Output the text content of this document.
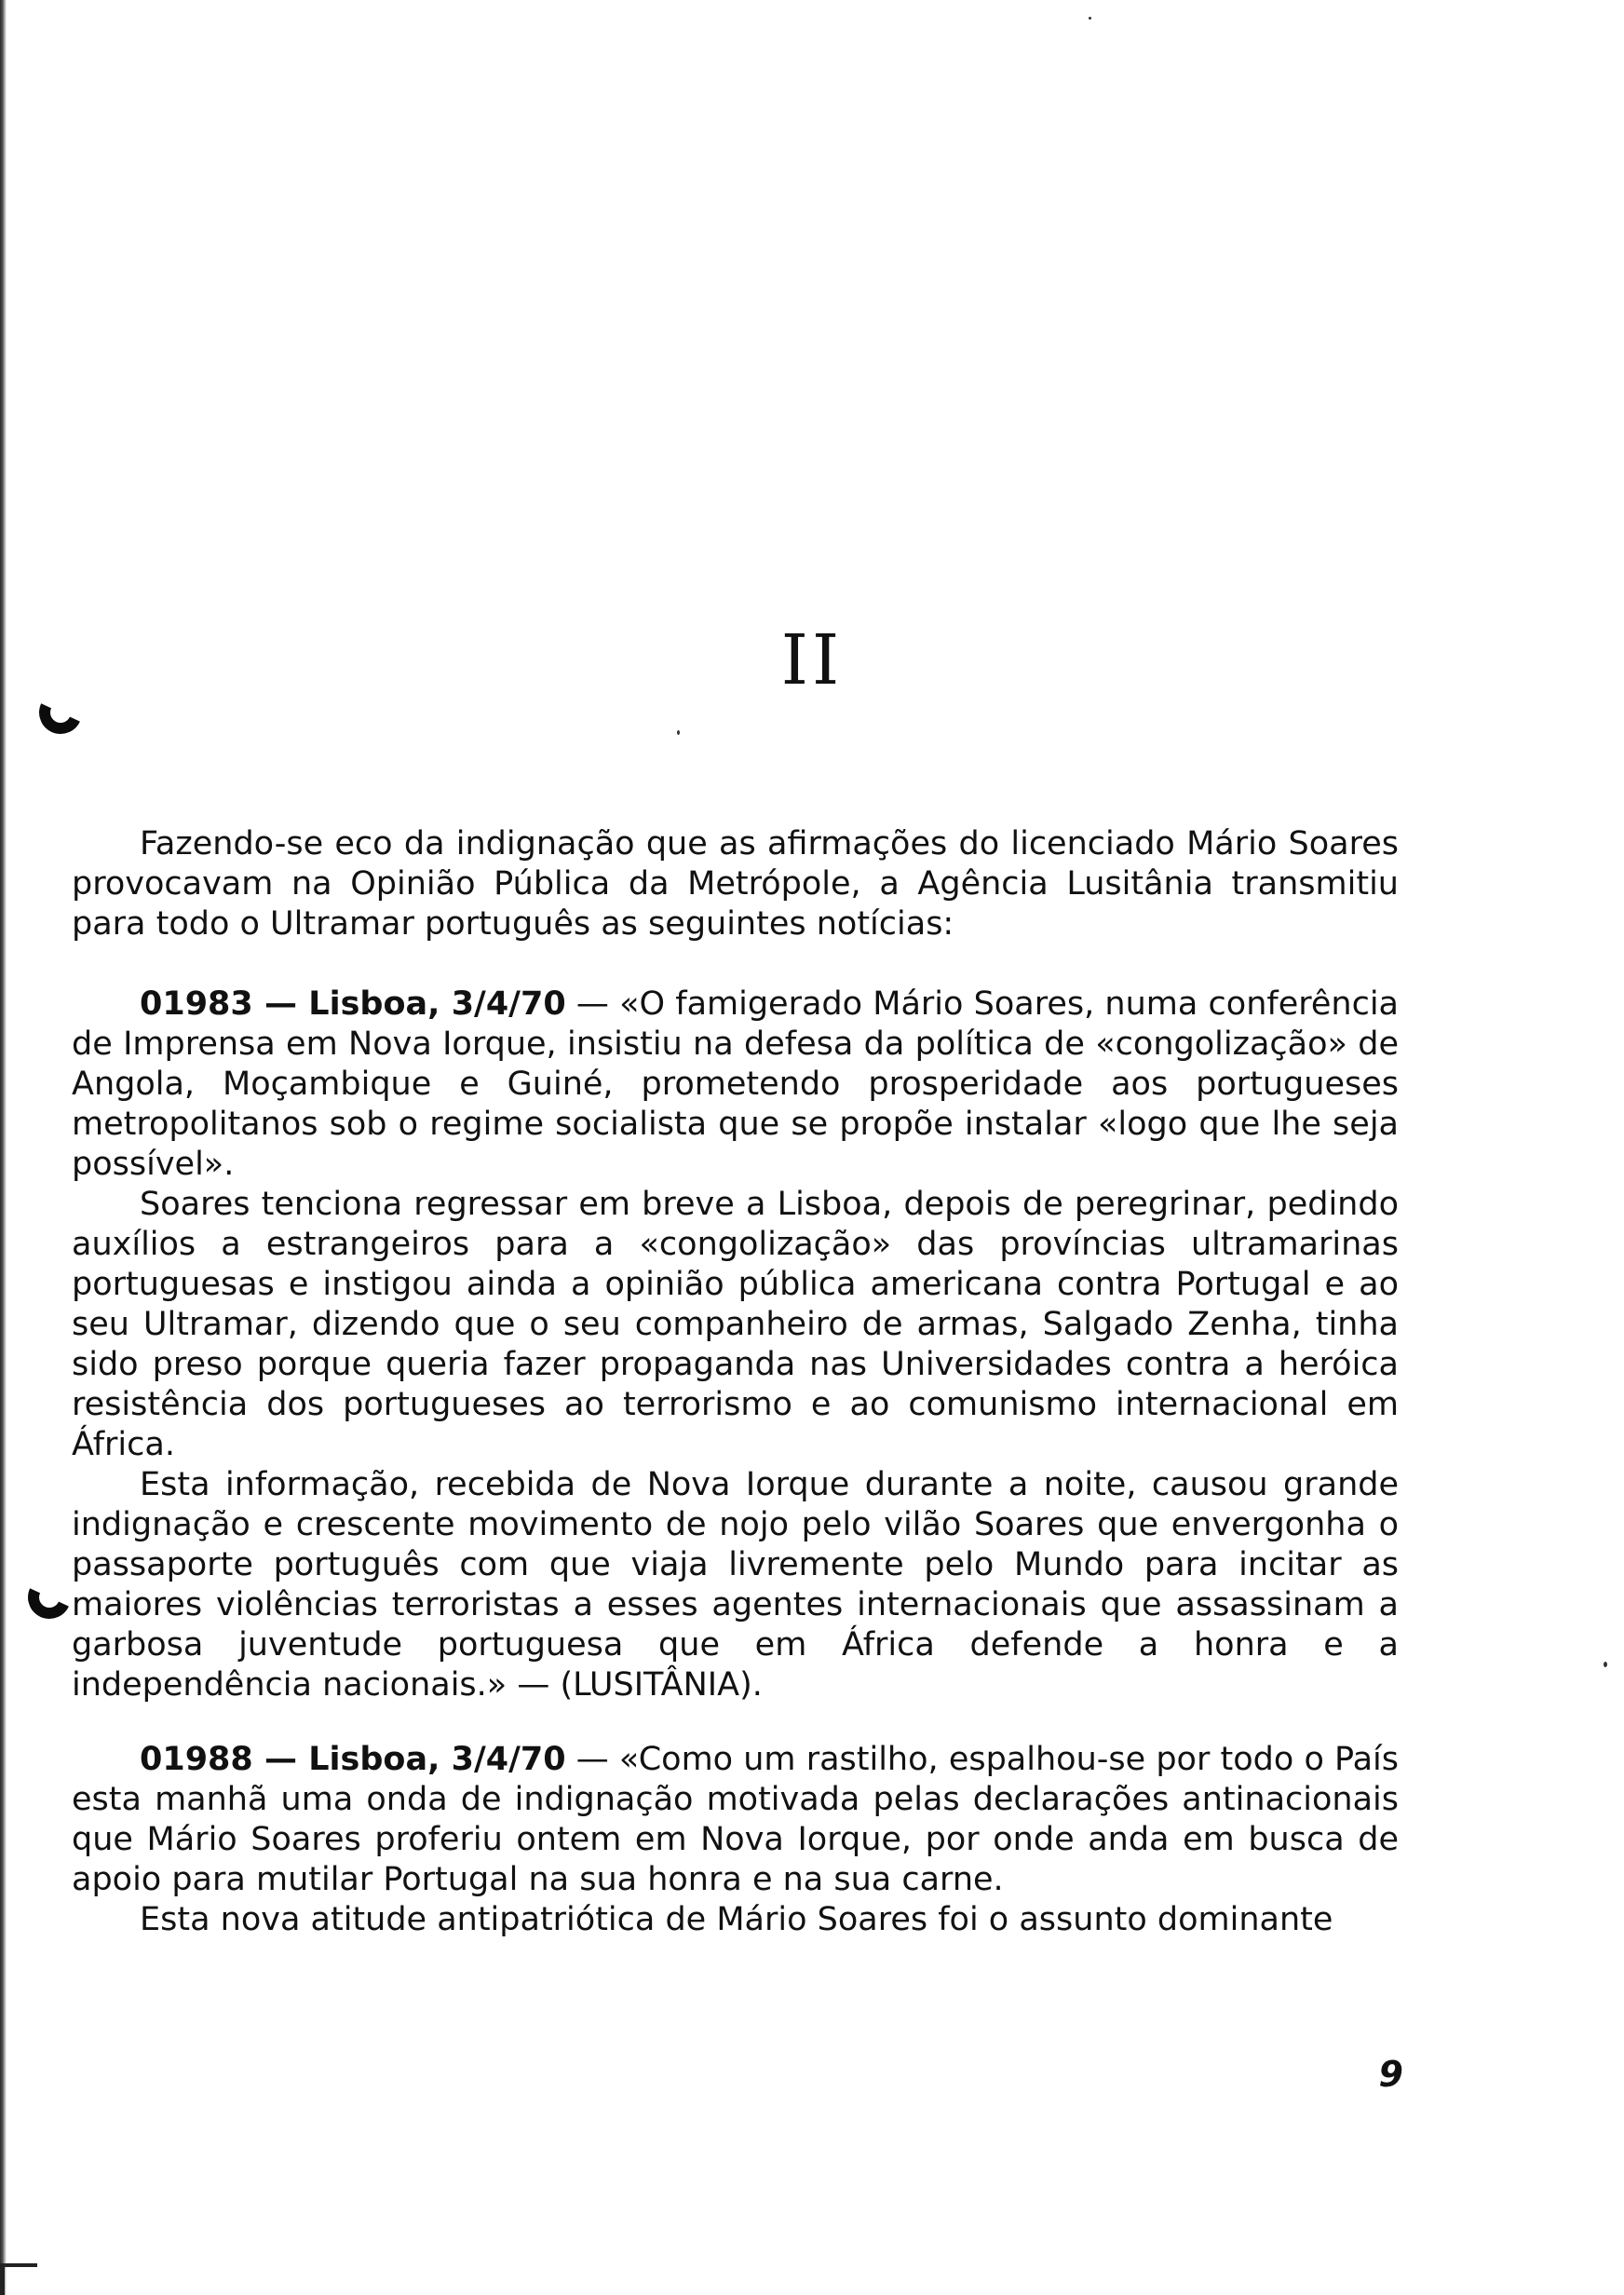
II

Fazendo-se eco da indignação que as afirmações do licenciado Mário Soares provocavam na Opinião Pública da Metrópole, a Agência Lusitânia transmitiu para todo o Ultramar português as seguintes notícias:

01983 — Lisboa, 3/4/70 — «O famigerado Mário Soares, numa conferência de Imprensa em Nova Iorque, insistiu na defesa da política de «congolização» de Angola, Moçambique e Guiné, prometendo prosperidade aos portugueses metropolitanos sob o regime socialista que se propõe instalar «logo que lhe seja possível».

Soares tenciona regressar em breve a Lisboa, depois de peregrinar, pedindo auxílios a estrangeiros para a «congolização» das províncias ultramarinas portuguesas e instigou ainda a opinião pública americana contra Portugal e ao seu Ultramar, dizendo que o seu companheiro de armas, Salgado Zenha, tinha sido preso porque queria fazer propaganda nas Universidades contra a heróica resistência dos portugueses ao terrorismo e ao comunismo internacional em África.

Esta informação, recebida de Nova Iorque durante a noite, causou grande indignação e crescente movimento de nojo pelo vilão Soares que envergonha o passaporte português com que viaja livremente pelo Mundo para incitar as maiores violências terroristas a esses agentes internacionais que assassinam a garbosa juventude portuguesa que em África defende a honra e a independência nacionais.» — (LUSITÂNIA).

01988 — Lisboa, 3/4/70 — «Como um rastilho, espalhou-se por todo o País esta manhã uma onda de indignação motivada pelas declarações antinacionais que Mário Soares proferiu ontem em Nova Iorque, por onde anda em busca de apoio para mutilar Portugal na sua honra e na sua carne.

Esta nova atitude antipatriótica de Mário Soares foi o assunto dominante

9
